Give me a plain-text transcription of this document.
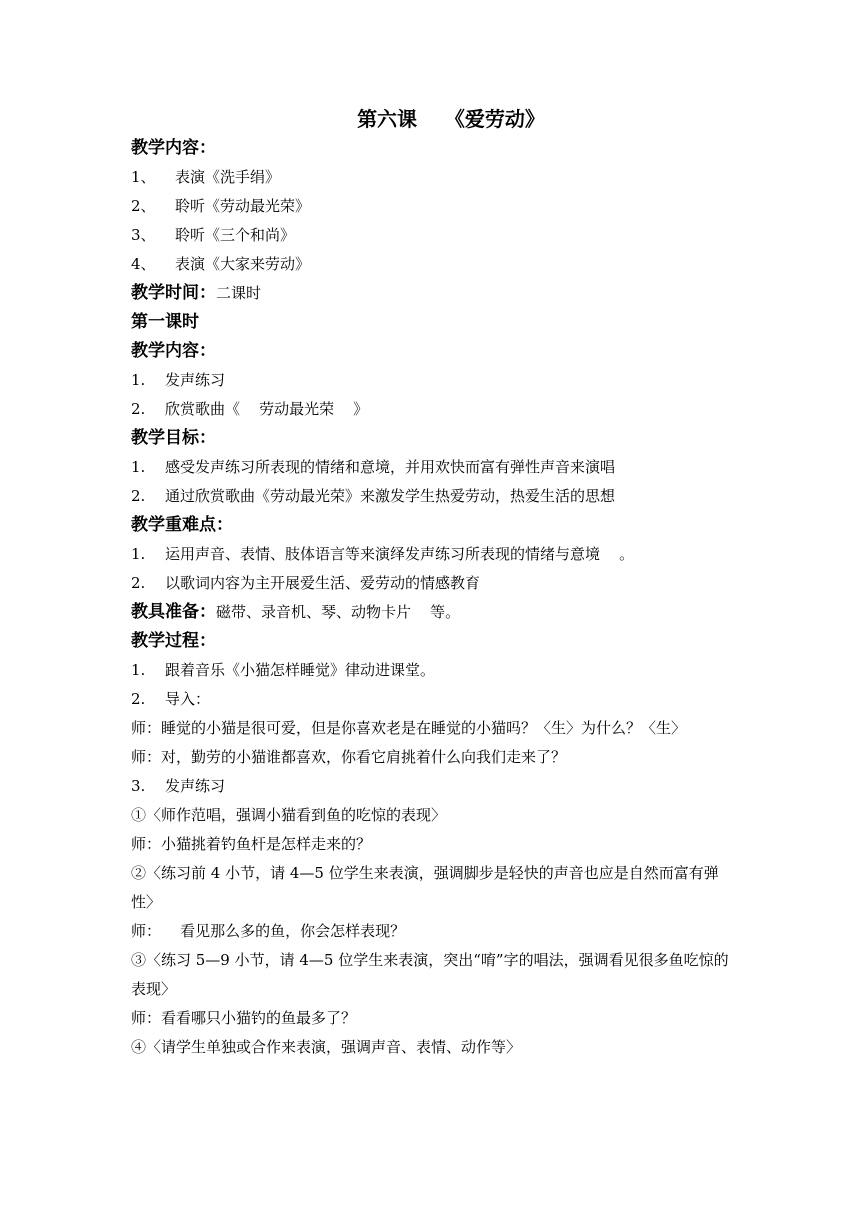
第六课    《爱劳动》
教学内容：
1、 表演《洗手绢》
2、 聆听《劳动最光荣》
3、 聆听《三个和尚》
4、 表演《大家来劳动》
教学时间：二课时
第一课时
教学内容：
1. 发声练习
2. 欣赏歌曲《    劳动最光荣    》
教学目标：
1. 感受发声练习所表现的情绪和意境，并用欢快而富有弹性声音来演唱
2. 通过欣赏歌曲《劳动最光荣》来激发学生热爱劳动，热爱生活的思想
教学重难点：
1. 运用声音、表情、肢体语言等来演绎发声练习所表现的情绪与意境    。
2. 以歌词内容为主开展爱生活、爱劳动的情感教育
教具准备：磁带、录音机、琴、动物卡片    等。
教学过程：
1. 跟着音乐《小猫怎样睡觉》律动进课堂。
2. 导入：
师：睡觉的小猫是很可爱，但是你喜欢老是在睡觉的小猫吗？〈生〉为什么？〈生〉
师：对，勤劳的小猫谁都喜欢，你看它肩挑着什么向我们走来了？
3. 发声练习
①〈师作范唱，强调小猫看到鱼的吃惊的表现〉
师：小猫挑着钓鱼杆是怎样走来的？
②〈练习前 4 小节，请 4—5 位学生来表演，强调脚步是轻快的声音也应是自然而富有弹性〉
师：    看见那么多的鱼，你会怎样表现？
③〈练习 5—9 小节，请 4—5 位学生来表演，突出“唷”字的唱法，强调看见很多鱼吃惊的表现〉
师：看看哪只小猫钓的鱼最多了？
④〈请学生单独或合作来表演，强调声音、表情、动作等〉
